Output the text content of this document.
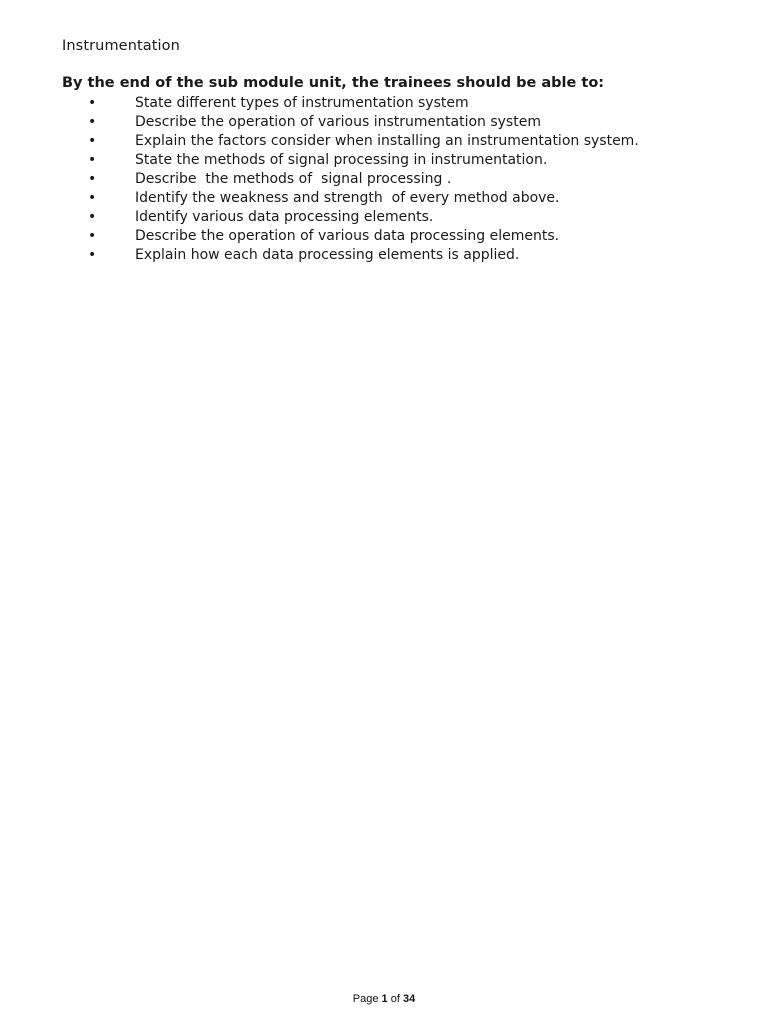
Instrumentation
By the end of the sub module unit, the trainees should be able to:
•	State different types of instrumentation system
•	Describe the operation of various instrumentation system
•	Explain the factors consider when installing an instrumentation system.
•	State the methods of signal processing in instrumentation.
•	Describe  the methods of  signal processing .
•	Identify the weakness and strength  of every method above.
•	Identify various data processing elements.
•	Describe the operation of various data processing elements.
•	Explain how each data processing elements is applied.
Page 1 of 34
